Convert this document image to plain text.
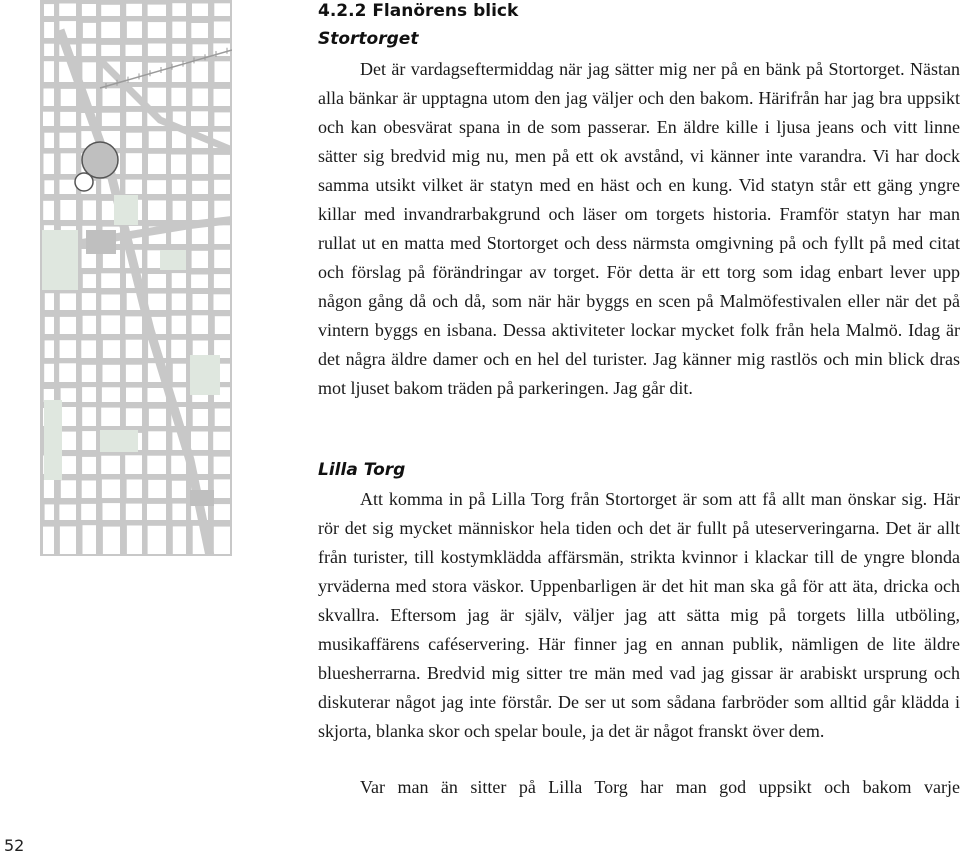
4.2.2 Flanörens blick
Stortorget

Det är vardagseftermiddag när jag sätter mig ner på en bänk på Stortorget. Nästan alla bänkar är upptagna utom den jag väljer och den bakom. Härifrån har jag bra uppsikt och kan obesvärat spana in de som passerar. En äldre kille i ljusa jeans och vitt linne sätter sig bredvid mig nu, men på ett ok avstånd, vi känner inte varandra. Vi har dock samma utsikt vilket är statyn med en häst och en kung. Vid statyn står ett gäng yngre killar med invandrarbakgrund och läser om torgets historia. Framför statyn har man rullat ut en matta med Stortorget och dess närmsta omgivning på och fyllt på med citat och förslag på förändringar av torget. För detta är ett torg som idag enbart lever upp någon gång då och då, som när här byggs en scen på Malmöfestivalen eller när det på vintern byggs en isbana. Dessa aktiviteter lockar mycket folk från hela Malmö. Idag är det några äldre damer och en hel del turister. Jag känner mig rastlös och min blick dras mot ljuset bakom träden på parkeringen. Jag går dit.

Lilla Torg

Att komma in på Lilla Torg från Stortorget är som att få allt man önskar sig. Här rör det sig mycket människor hela tiden och det är fullt på uteserveringarna. Det är allt från turister, till kostymklädda affärsmän, strikta kvinnor i klackar till de yngre blonda yrväderna med stora väskor. Uppenbarligen är det hit man ska gå för att äta, dricka och skvallra. Eftersom jag är själv, väljer jag att sätta mig på torgets lilla utböling, musikaffärens caféservering. Här finner jag en annan publik, nämligen de lite äldre bluesherrarna. Bredvid mig sitter tre män med vad jag gissar är arabiskt ursprung och diskuterar något jag inte förstår. De ser ut som sådana farbröder som alltid går klädda i skjorta, blanka skor och spelar boule, ja det är något franskt över dem.

Var man än sitter på Lilla Torg har man god uppsikt och bakom varje

52
